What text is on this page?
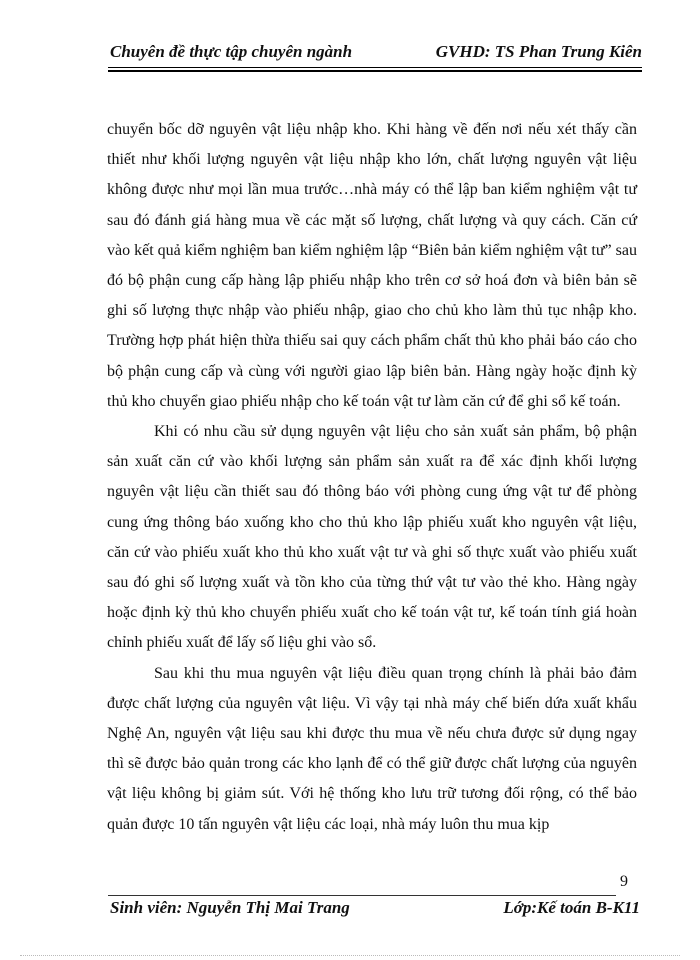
Chuyên đề thực tập chuyên ngành	GVHD: TS Phan Trung Kiên

chuyển bốc dỡ nguyên vật liệu nhập kho. Khi hàng về đến nơi nếu xét thấy cần thiết như khối lượng nguyên vật liệu nhập kho lớn, chất lượng nguyên vật liệu không được như mọi lần mua trước…nhà máy có thể lập ban kiểm nghiệm vật tư sau đó đánh giá hàng mua về các mặt số lượng, chất lượng và quy cách. Căn cứ vào kết quả kiểm nghiệm ban kiểm nghiệm lập “Biên bản kiểm nghiệm vật tư” sau đó bộ phận cung cấp hàng lập phiếu nhập kho trên cơ sở hoá đơn và biên bản sẽ ghi số lượng thực nhập vào phiếu nhập, giao cho chủ kho làm thủ tục nhập kho. Trường hợp phát hiện thừa thiếu sai quy cách phẩm chất thủ kho phải báo cáo cho bộ phận cung cấp và cùng với người giao lập biên bản. Hàng ngày hoặc định kỳ thủ kho chuyển giao phiếu nhập cho kế toán vật tư làm căn cứ để ghi sổ kế toán.

Khi có nhu cầu sử dụng nguyên vật liệu cho sản xuất sản phẩm, bộ phận sản xuất căn cứ vào khối lượng sản phẩm sản xuất ra để xác định khối lượng nguyên vật liệu cần thiết sau đó thông báo với phòng cung ứng vật tư để phòng cung ứng thông báo xuống kho cho thủ kho lập phiếu xuất kho nguyên vật liệu, căn cứ vào phiếu xuất kho thủ kho xuất vật tư và ghi số thực xuất vào phiếu xuất sau đó ghi số lượng xuất và tồn kho của từng thứ vật tư vào thẻ kho. Hàng ngày hoặc định kỳ thủ kho chuyển phiếu xuất cho kế toán vật tư, kế toán tính giá hoàn chỉnh phiếu xuất để lấy số liệu ghi vào sổ.

Sau khi thu mua nguyên vật liệu điều quan trọng chính là phải bảo đảm được chất lượng của nguyên vật liệu. Vì vậy tại nhà máy chế biến dứa xuất khẩu Nghệ An, nguyên vật liệu sau khi được thu mua về nếu chưa được sử dụng ngay thì sẽ được bảo quản trong các kho lạnh để có thể giữ được chất lượng của nguyên vật liệu không bị giảm sút. Với hệ thống kho lưu trữ tương đối rộng, có thể bảo quản được 10 tấn nguyên vật liệu các loại, nhà máy luôn thu mua kịp

9
Sinh viên: Nguyễn Thị Mai Trang	Lớp:Kế toán B-K11
